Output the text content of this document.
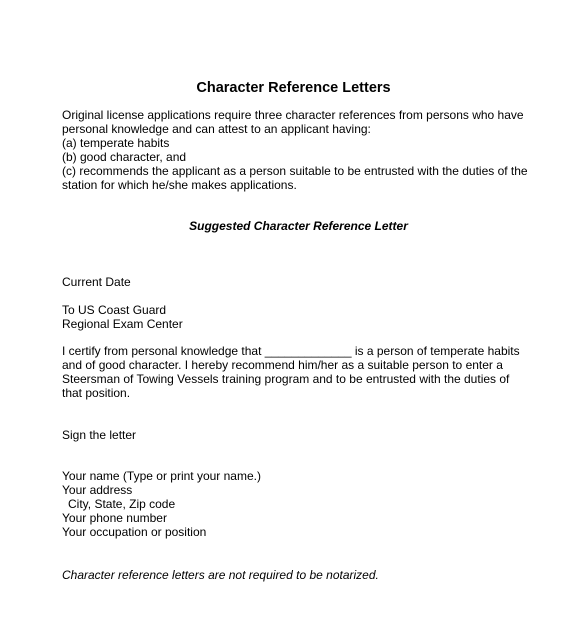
Character Reference Letters
Original license applications require three character references from persons who have
personal knowledge and can attest to an applicant having:
(a) temperate habits
(b) good character, and
(c) recommends the applicant as a person suitable to be entrusted with the duties of the
station for which he/she makes applications.
Suggested Character Reference Letter
Current Date
To US Coast Guard
Regional Exam Center
I certify from personal knowledge that _____________ is a person of temperate habits
and of good character. I hereby recommend him/her as a suitable person to enter a
Steersman of Towing Vessels training program and to be entrusted with the duties of
that position.
Sign the letter
Your name (Type or print your name.)
Your address
City, State, Zip code
Your phone number
Your occupation or position
Character reference letters are not required to be notarized.
